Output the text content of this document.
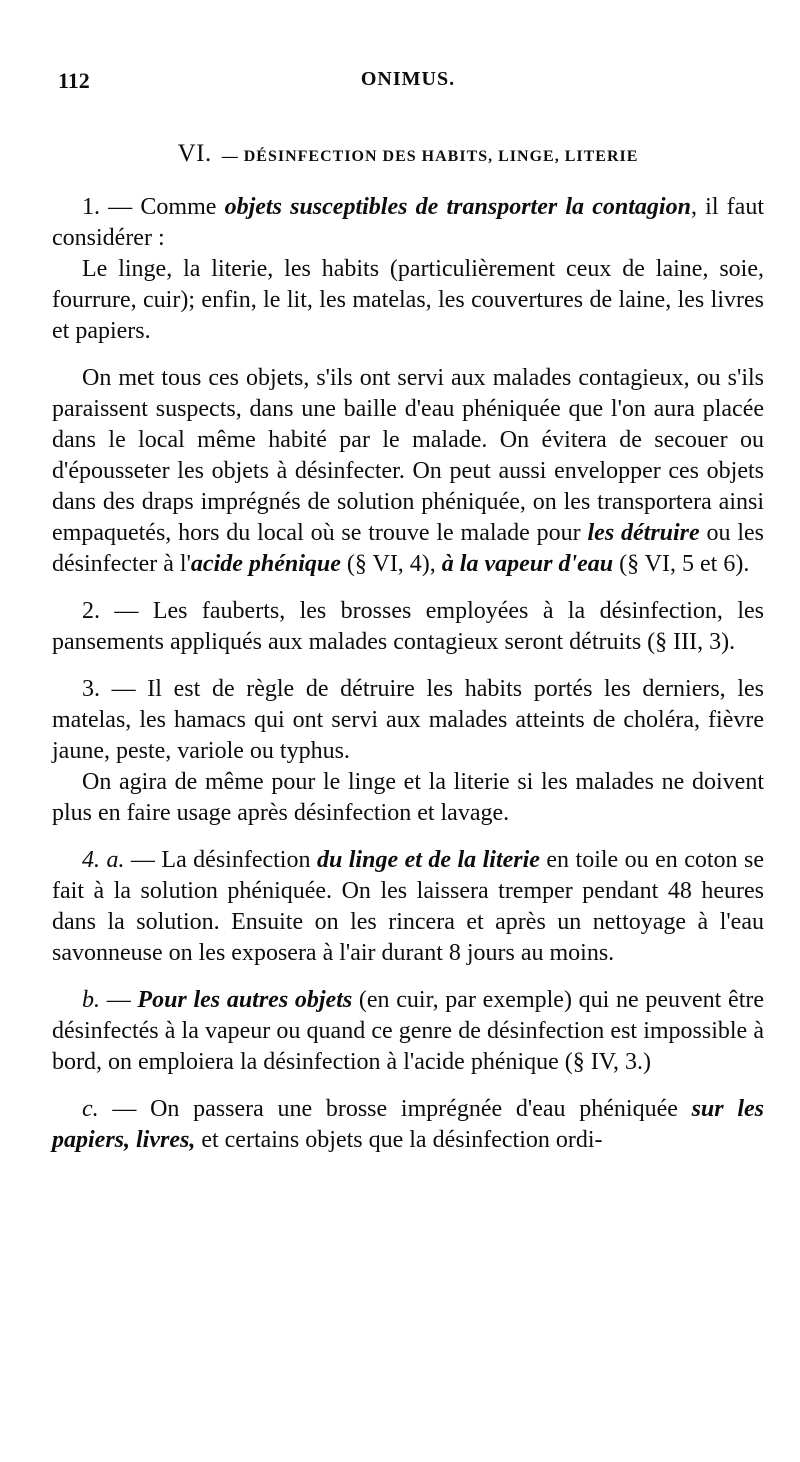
112	ONIMUS.
VI. — DÉSINFECTION DES HABITS, LINGE, LITERIE

1. — Comme objets susceptibles de transporter la contagion, il faut considérer :

Le linge, la literie, les habits (particulièrement ceux de laine, soie, fourrure, cuir); enfin, le lit, les matelas, les couvertures de laine, les livres et papiers.

On met tous ces objets, s'ils ont servi aux malades contagieux, ou s'ils paraissent suspects, dans une baille d'eau phéniquée que l'on aura placée dans le local même habité par le malade. On évitera de secouer ou d'épousseter les objets à désinfecter. On peut aussi envelopper ces objets dans des draps imprégnés de solution phéniquée, on les transportera ainsi empaquetés, hors du local où se trouve le malade pour les détruire ou les désinfecter à l'acide phénique (§ VI, 4), à la vapeur d'eau (§ VI, 5 et 6).

2. — Les fauberts, les brosses employées à la désinfection, les pansements appliqués aux malades contagieux seront détruits (§ III, 3).

3. — Il est de règle de détruire les habits portés les derniers, les matelas, les hamacs qui ont servi aux malades atteints de choléra, fièvre jaune, peste, variole ou typhus.

On agira de même pour le linge et la literie si les malades ne doivent plus en faire usage après désinfection et lavage.

4. a. — La désinfection du linge et de la literie en toile ou en coton se fait à la solution phéniquée. On les laissera tremper pendant 48 heures dans la solution. Ensuite on les rincera et après un nettoyage à l'eau savonneuse on les exposera à l'air durant 8 jours au moins.

b. — Pour les autres objets (en cuir, par exemple) qui ne peuvent être désinfectés à la vapeur ou quand ce genre de désinfection est impossible à bord, on emploiera la désinfection à l'acide phénique (§ IV, 3.)

c. — On passera une brosse imprégnée d'eau phéniquée sur les papiers, livres, et certains objets que la désinfection ordi-
